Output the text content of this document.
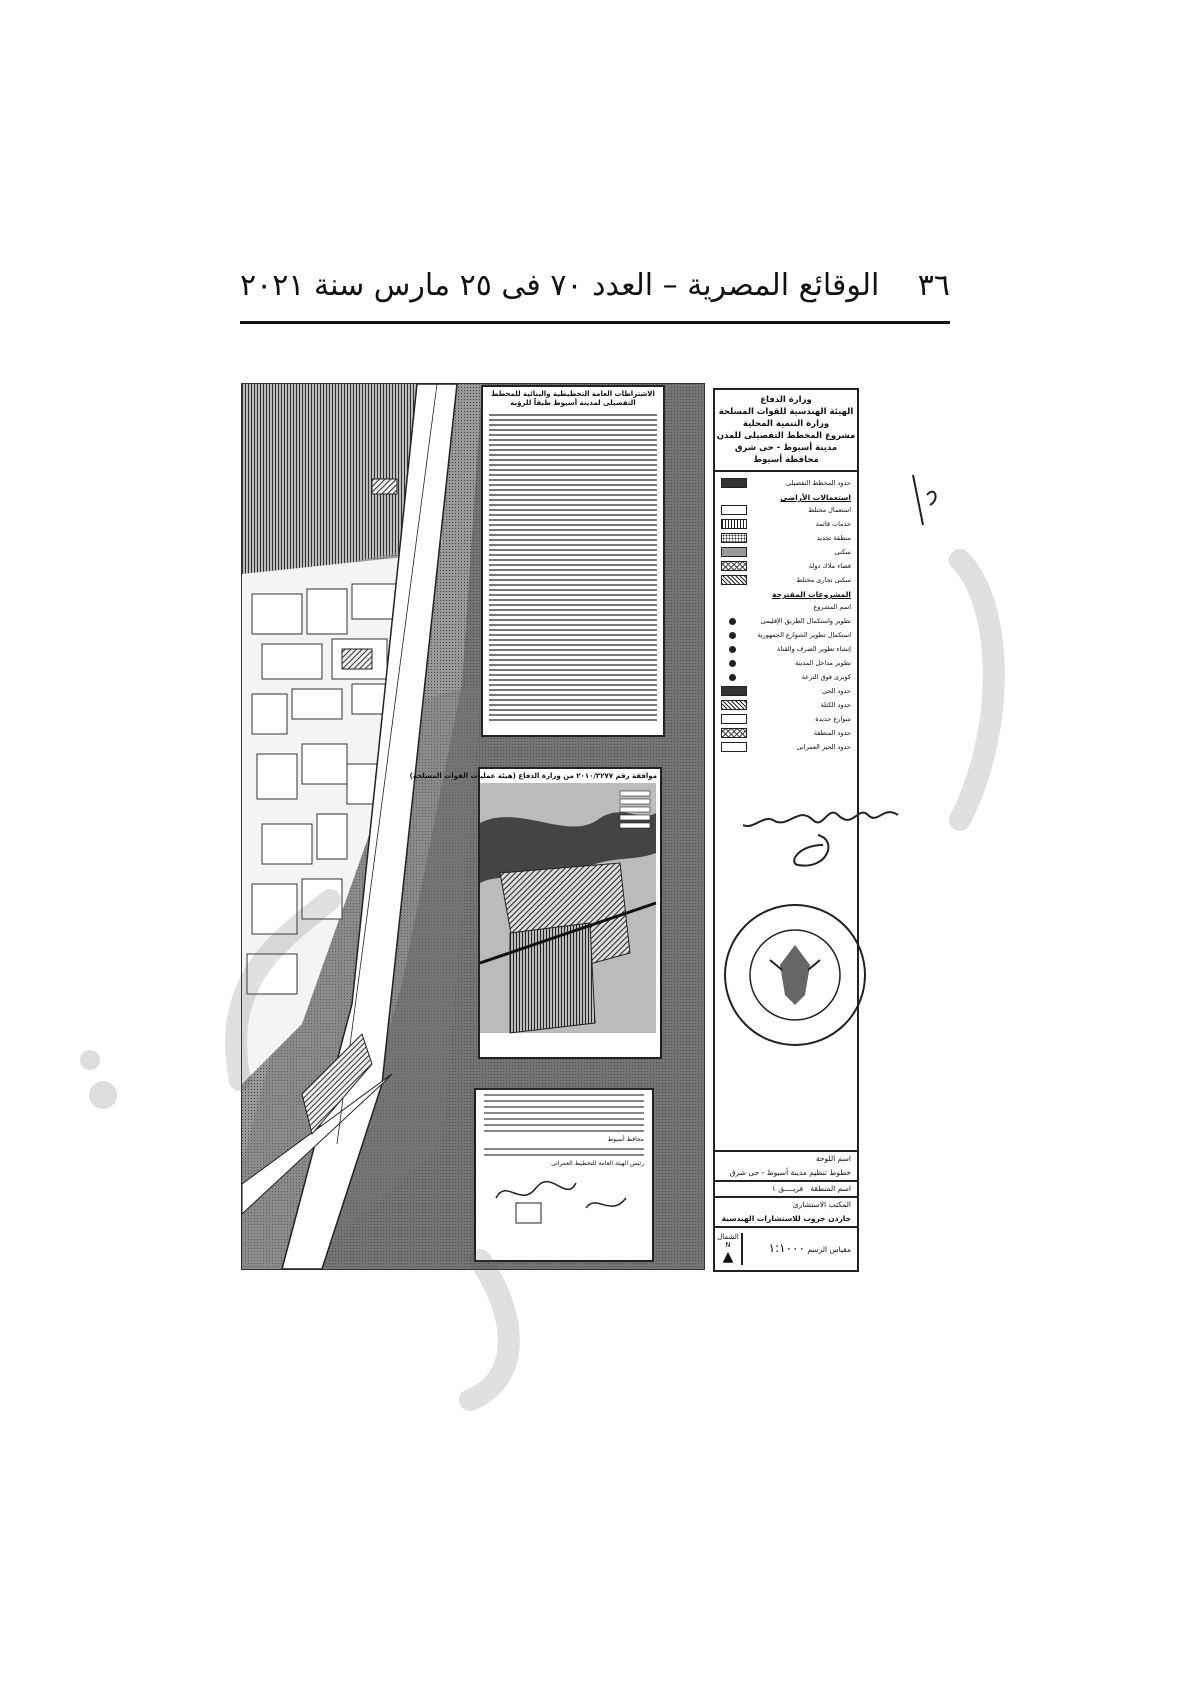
٣٦
الوقائع المصرية – العدد ٧٠ فى ٢٥ مارس سنة ٢٠٢١
الاشتراطات العامة التخطيطية والبنائية للمخطط التفصيلى لمدينة أسيوط طبقاً للرؤية
موافقة رقم ٢٠١٠/٣٢٧٧ من وزارة الدفاع (هيئة عمليات القوات المسلحة)
محافظ أسيوط
رئيس الهيئة العامة للتخطيط العمرانى
وزارة الدفاع
الهيئة الهندسية للقوات المسلحة
وزارة التنمية المحلية
مشروع المخطط التفصيلى للمدن
مدينة أسيوط - حى شرق
محافظة أسيوط
حدود المخطط التفصيلى
استعمالات الأراضى
استعمال مختلط
خدمات قائمة
منطقة تجديد
سكنى
فضاء ملاك دولة
سكنى تجارى مختلط
المشروعات المقترحة
اسم المشروع
تطوير واستكمال الطريق الإقليمى
استكمال تطوير الشوارع الجمهورية
إنشاء تطوير الصرف والقناة
تطوير مداخل المدينة
كوبرى فوق الترعة
حدود الحى
حدود الكتلة
شوارع جديدة
حدود المنطقة
حدود الحيز العمرانى
اسم اللوحة
خطوط تنظيم مدينة أسيوط - حى شرق
اسم المنطقة   فريــــق ١
المكتب الاستشارى
جاردن جروب للاستشارات الهندسية
مقياس الرسم ١:١٠٠٠
الشمال
N
▲
